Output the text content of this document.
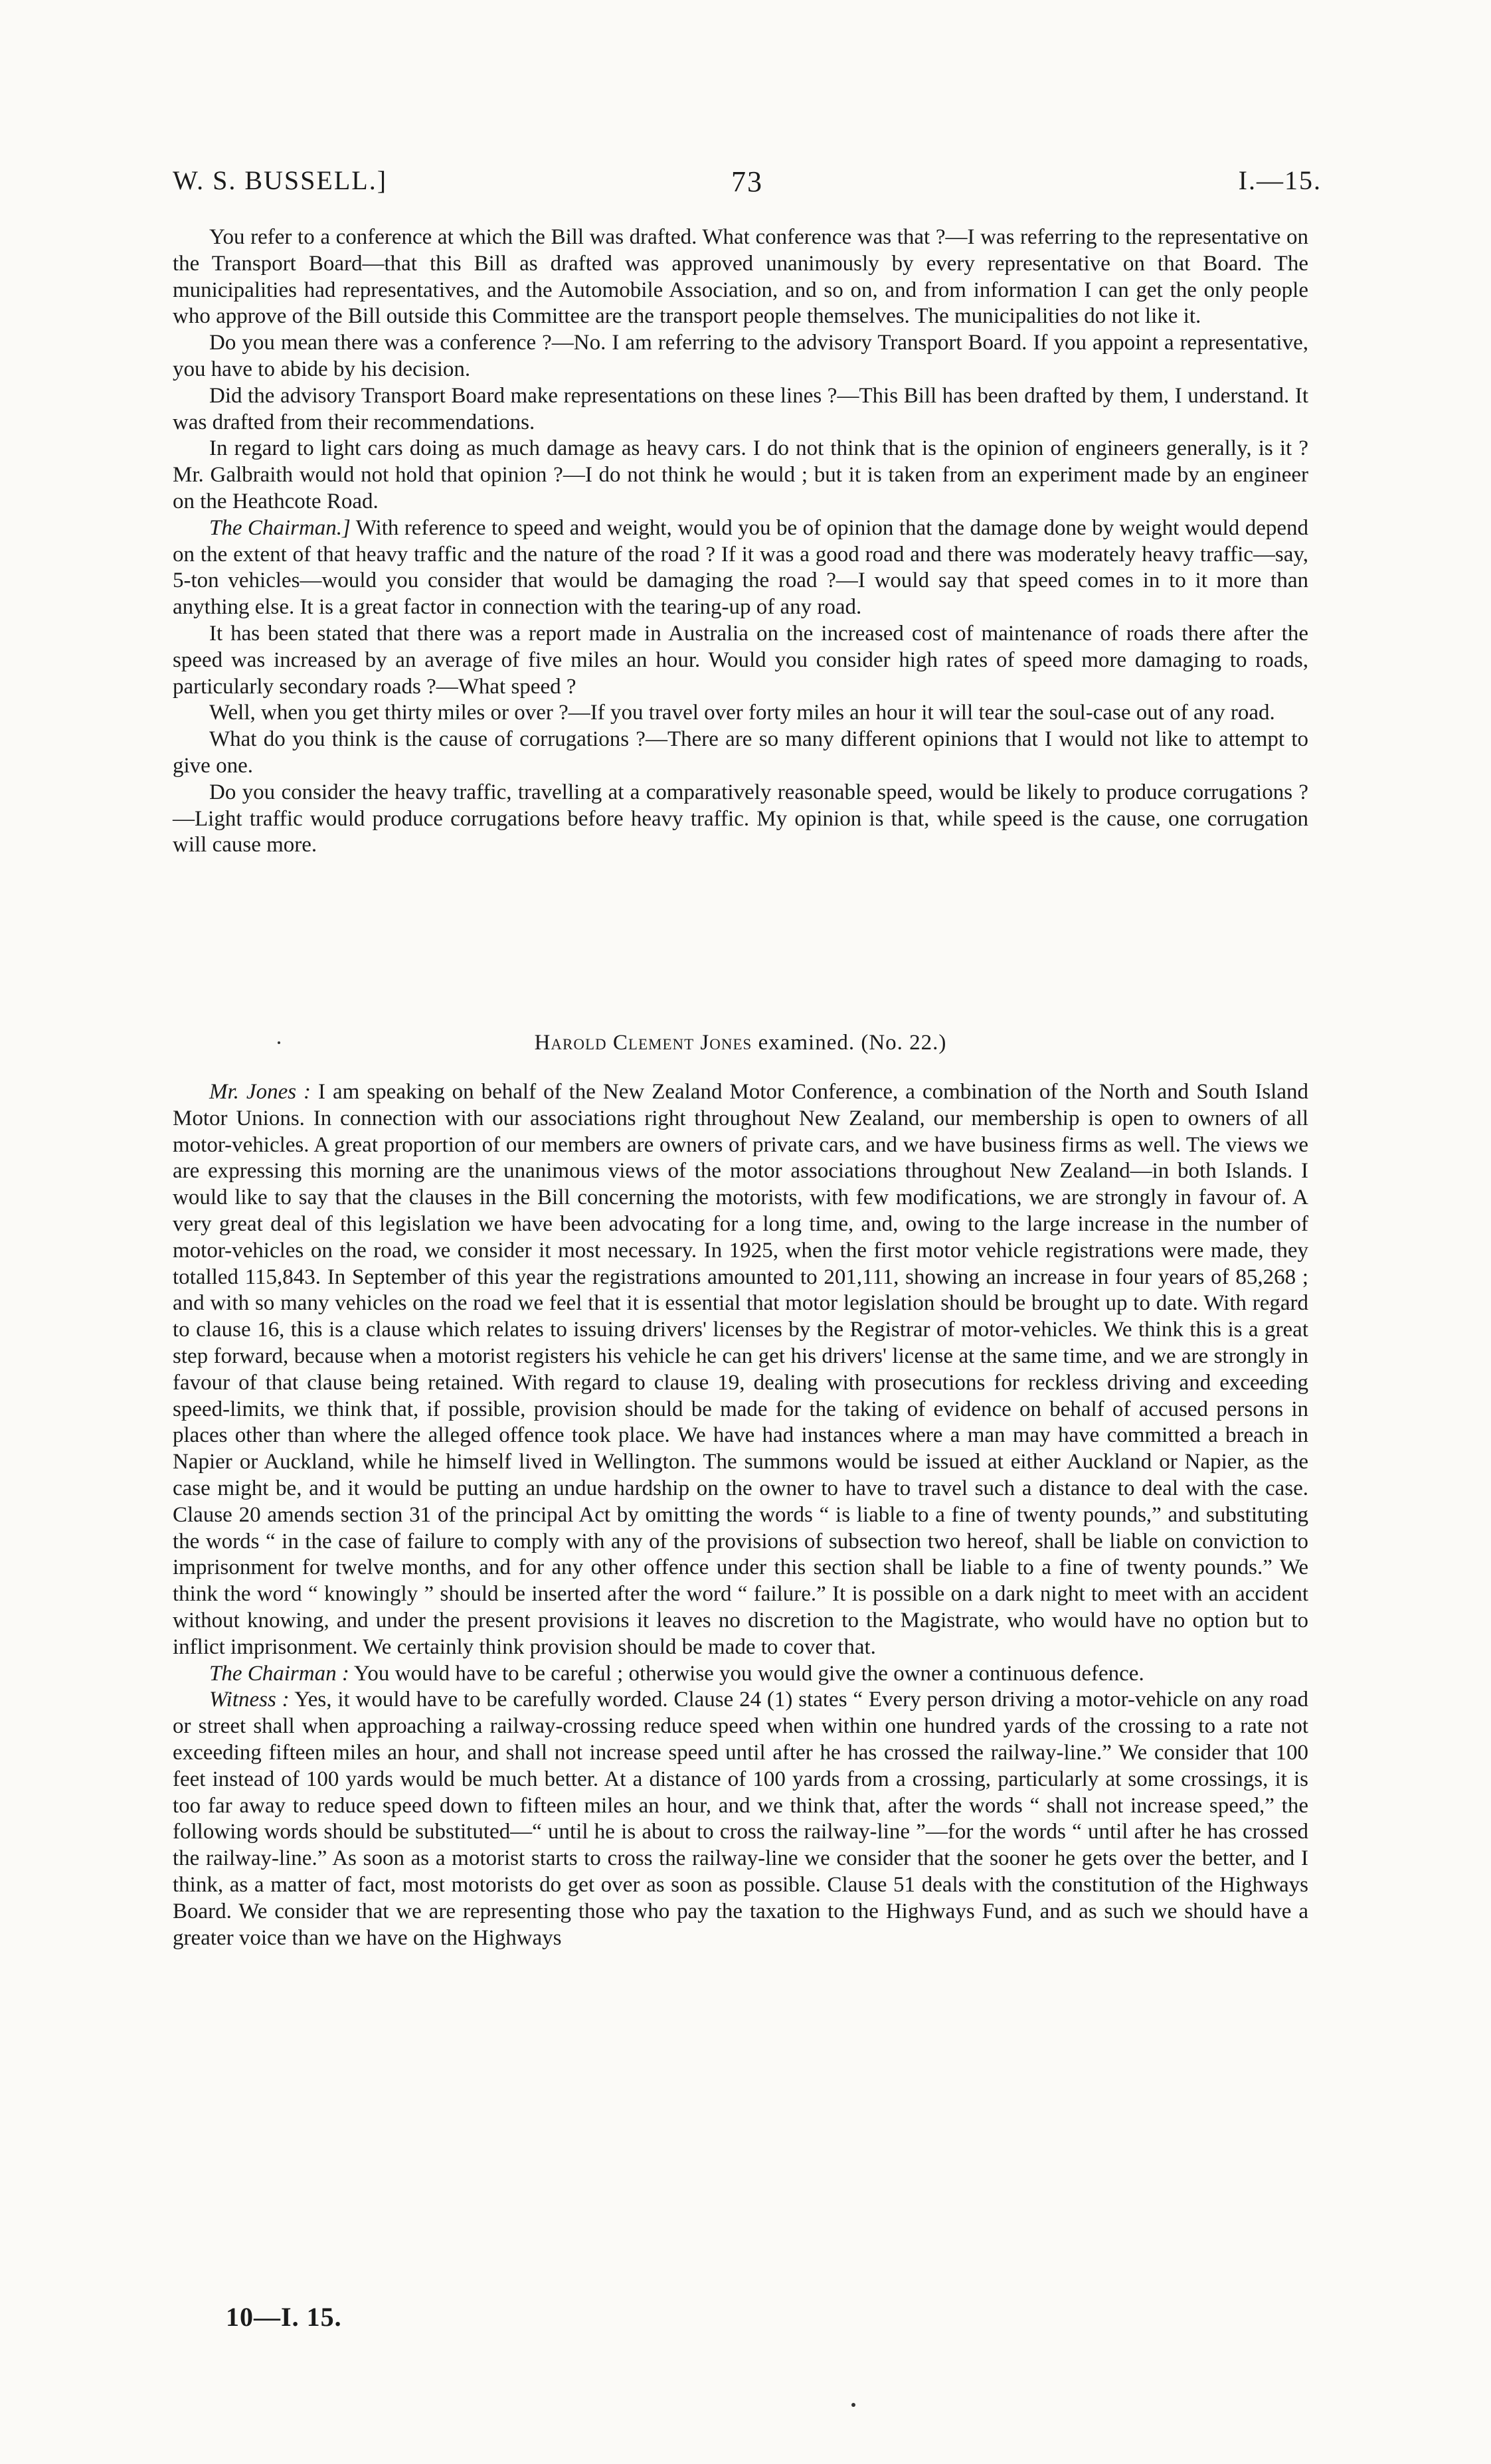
W. S. BUSSELL.]	73	I.—15.

You refer to a conference at which the Bill was drafted. What conference was that ?—I was referring to the representative on the Transport Board—that this Bill as drafted was approved unanimously by every representative on that Board. The municipalities had representatives, and the Automobile Association, and so on, and from information I can get the only people who approve of the Bill outside this Committee are the transport people themselves. The municipalities do not like it.

Do you mean there was a conference ?—No. I am referring to the advisory Transport Board. If you appoint a representative, you have to abide by his decision.

Did the advisory Transport Board make representations on these lines ?—This Bill has been drafted by them, I understand. It was drafted from their recommendations.

In regard to light cars doing as much damage as heavy cars. I do not think that is the opinion of engineers generally, is it ? Mr. Galbraith would not hold that opinion ?—I do not think he would ; but it is taken from an experiment made by an engineer on the Heathcote Road.

The Chairman.] With reference to speed and weight, would you be of opinion that the damage done by weight would depend on the extent of that heavy traffic and the nature of the road ? If it was a good road and there was moderately heavy traffic—say, 5-ton vehicles—would you consider that would be damaging the road ?—I would say that speed comes in to it more than anything else. It is a great factor in connection with the tearing-up of any road.

It has been stated that there was a report made in Australia on the increased cost of maintenance of roads there after the speed was increased by an average of five miles an hour. Would you consider high rates of speed more damaging to roads, particularly secondary roads ?—What speed ?

Well, when you get thirty miles or over ?—If you travel over forty miles an hour it will tear the soul-case out of any road.

What do you think is the cause of corrugations ?—There are so many different opinions that I would not like to attempt to give one.

Do you consider the heavy traffic, travelling at a comparatively reasonable speed, would be likely to produce corrugations ?—Light traffic would produce corrugations before heavy traffic. My opinion is that, while speed is the cause, one corrugation will cause more.

Harold Clement Jones examined. (No. 22.)

Mr. Jones : I am speaking on behalf of the New Zealand Motor Conference, a combination of the North and South Island Motor Unions. In connection with our associations right throughout New Zealand, our membership is open to owners of all motor-vehicles. A great proportion of our members are owners of private cars, and we have business firms as well. The views we are expressing this morning are the unanimous views of the motor associations throughout New Zealand—in both Islands. I would like to say that the clauses in the Bill concerning the motorists, with few modifications, we are strongly in favour of. A very great deal of this legislation we have been advocating for a long time, and, owing to the large increase in the number of motor-vehicles on the road, we consider it most necessary. In 1925, when the first motor vehicle registrations were made, they totalled 115,843. In September of this year the registrations amounted to 201,111, showing an increase in four years of 85,268 ; and with so many vehicles on the road we feel that it is essential that motor legislation should be brought up to date. With regard to clause 16, this is a clause which relates to issuing drivers' licenses by the Registrar of motor-vehicles. We think this is a great step forward, because when a motorist registers his vehicle he can get his drivers' license at the same time, and we are strongly in favour of that clause being retained. With regard to clause 19, dealing with prosecutions for reckless driving and exceeding speed-limits, we think that, if possible, provision should be made for the taking of evidence on behalf of accused persons in places other than where the alleged offence took place. We have had instances where a man may have committed a breach in Napier or Auckland, while he himself lived in Wellington. The summons would be issued at either Auckland or Napier, as the case might be, and it would be putting an undue hardship on the owner to have to travel such a distance to deal with the case. Clause 20 amends section 31 of the principal Act by omitting the words “ is liable to a fine of twenty pounds,” and substituting the words “ in the case of failure to comply with any of the provisions of subsection two hereof, shall be liable on conviction to imprisonment for twelve months, and for any other offence under this section shall be liable to a fine of twenty pounds.” We think the word “ knowingly ” should be inserted after the word “ failure.” It is possible on a dark night to meet with an accident without knowing, and under the present provisions it leaves no discretion to the Magistrate, who would have no option but to inflict imprisonment. We certainly think provision should be made to cover that.

The Chairman : You would have to be careful ; otherwise you would give the owner a continuous defence.

Witness : Yes, it would have to be carefully worded. Clause 24 (1) states “ Every person driving a motor-vehicle on any road or street shall when approaching a railway-crossing reduce speed when within one hundred yards of the crossing to a rate not exceeding fifteen miles an hour, and shall not increase speed until after he has crossed the railway-line.” We consider that 100 feet instead of 100 yards would be much better. At a distance of 100 yards from a crossing, particularly at some crossings, it is too far away to reduce speed down to fifteen miles an hour, and we think that, after the words “ shall not increase speed,” the following words should be substituted—“ until he is about to cross the railway-line ”—for the words “ until after he has crossed the railway-line.” As soon as a motorist starts to cross the railway-line we consider that the sooner he gets over the better, and I think, as a matter of fact, most motorists do get over as soon as possible. Clause 51 deals with the constitution of the Highways Board. We consider that we are representing those who pay the taxation to the Highways Fund, and as such we should have a greater voice than we have on the Highways

10—I. 15.
